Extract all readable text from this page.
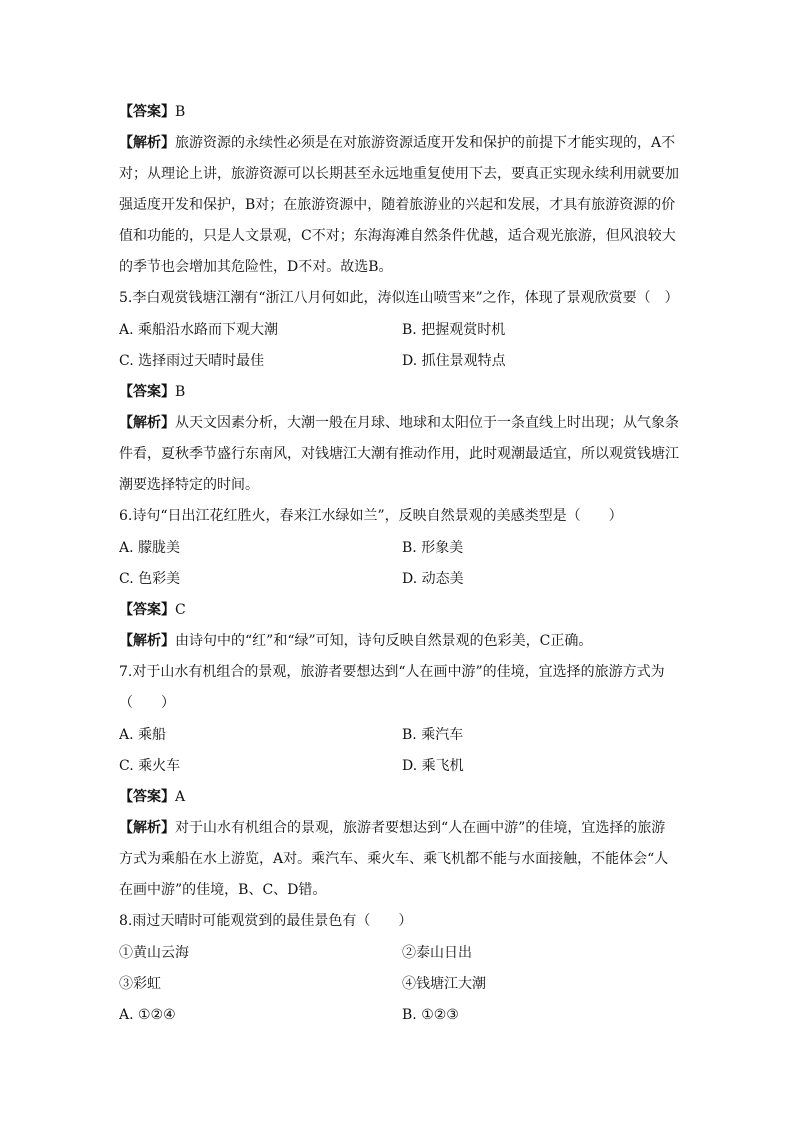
【答案】B
【解析】旅游资源的永续性必须是在对旅游资源适度开发和保护的前提下才能实现的，A不
对；从理论上讲，旅游资源可以长期甚至永远地重复使用下去，要真正实现永续利用就要加
强适度开发和保护，B对；在旅游资源中，随着旅游业的兴起和发展，才具有旅游资源的价
值和功能的，只是人文景观，C不对；东海海滩自然条件优越，适合观光旅游，但风浪较大
的季节也会增加其危险性，D不对。故选B。
5.李白观赏钱塘江潮有“浙江八月何如此，涛似连山喷雪来”之作，体现了景观欣赏要（　）
A. 乘船沿水路而下观大潮	B. 把握观赏时机
C. 选择雨过天晴时最佳	D. 抓住景观特点
【答案】B
【解析】从天文因素分析，大潮一般在月球、地球和太阳位于一条直线上时出现；从气象条
件看，夏秋季节盛行东南风，对钱塘江大潮有推动作用，此时观潮最适宜，所以观赏钱塘江
潮要选择特定的时间。
6.诗句“日出江花红胜火，春来江水绿如兰”，反映自然景观的美感类型是（　　）
A. 朦胧美	B. 形象美
C. 色彩美	D. 动态美
【答案】C
【解析】由诗句中的“红”和“绿”可知，诗句反映自然景观的色彩美，C正确。
7.对于山水有机组合的景观，旅游者要想达到“人在画中游”的佳境，宜选择的旅游方式为
（　　）
A. 乘船	B. 乘汽车
C. 乘火车	D. 乘飞机
【答案】A
【解析】对于山水有机组合的景观，旅游者要想达到“人在画中游”的佳境，宜选择的旅游
方式为乘船在水上游览，A对。乘汽车、乘火车、乘飞机都不能与水面接触，不能体会“人
在画中游”的佳境，B、C、D错。
8.雨过天晴时可能观赏到的最佳景色有（　　）
①黄山云海	②泰山日出
③彩虹	④钱塘江大潮
A. ①②④	B. ①②③
